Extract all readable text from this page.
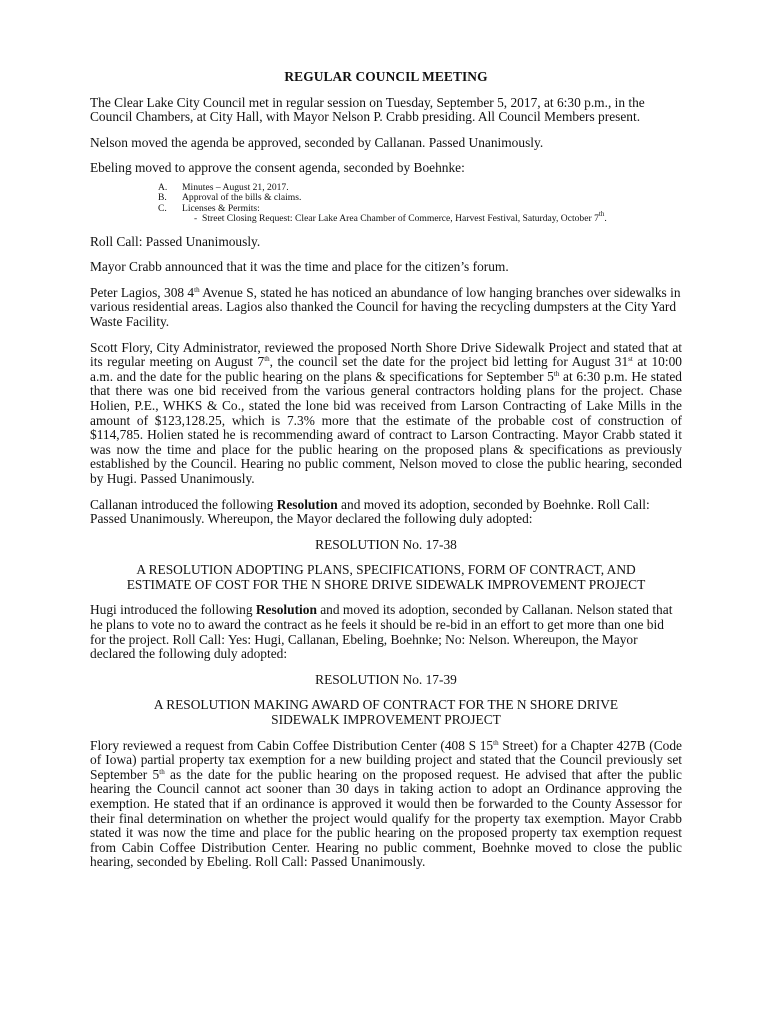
REGULAR COUNCIL MEETING

The Clear Lake City Council met in regular session on Tuesday, September 5, 2017, at 6:30 p.m., in the Council Chambers, at City Hall, with Mayor Nelson P. Crabb presiding. All Council Members present.

Nelson moved the agenda be approved, seconded by Callanan. Passed Unanimously.

Ebeling moved to approve the consent agenda, seconded by Boehnke:

A. Minutes – August 21, 2017.
B. Approval of the bills & claims.
C. Licenses & Permits:
- Street Closing Request: Clear Lake Area Chamber of Commerce, Harvest Festival, Saturday, October 7th.

Roll Call: Passed Unanimously.

Mayor Crabb announced that it was the time and place for the citizen’s forum.

Peter Lagios, 308 4th Avenue S, stated he has noticed an abundance of low hanging branches over sidewalks in various residential areas. Lagios also thanked the Council for having the recycling dumpsters at the City Yard Waste Facility.

Scott Flory, City Administrator, reviewed the proposed North Shore Drive Sidewalk Project and stated that at its regular meeting on August 7th, the council set the date for the project bid letting for August 31st at 10:00 a.m. and the date for the public hearing on the plans & specifications for September 5th at 6:30 p.m. He stated that there was one bid received from the various general contractors holding plans for the project. Chase Holien, P.E., WHKS & Co., stated the lone bid was received from Larson Contracting of Lake Mills in the amount of $123,128.25, which is 7.3% more that the estimate of the probable cost of construction of $114,785. Holien stated he is recommending award of contract to Larson Contracting. Mayor Crabb stated it was now the time and place for the public hearing on the proposed plans & specifications as previously established by the Council. Hearing no public comment, Nelson moved to close the public hearing, seconded by Hugi. Passed Unanimously.

Callanan introduced the following Resolution and moved its adoption, seconded by Boehnke. Roll Call: Passed Unanimously. Whereupon, the Mayor declared the following duly adopted:

RESOLUTION No. 17-38
A RESOLUTION ADOPTING PLANS, SPECIFICATIONS, FORM OF CONTRACT, AND ESTIMATE OF COST FOR THE N SHORE DRIVE SIDEWALK IMPROVEMENT PROJECT

Hugi introduced the following Resolution and moved its adoption, seconded by Callanan. Nelson stated that he plans to vote no to award the contract as he feels it should be re-bid in an effort to get more than one bid for the project. Roll Call: Yes: Hugi, Callanan, Ebeling, Boehnke; No: Nelson. Whereupon, the Mayor declared the following duly adopted:

RESOLUTION No. 17-39
A RESOLUTION MAKING AWARD OF CONTRACT FOR THE N SHORE DRIVE SIDEWALK IMPROVEMENT PROJECT

Flory reviewed a request from Cabin Coffee Distribution Center (408 S 15th Street) for a Chapter 427B (Code of Iowa) partial property tax exemption for a new building project and stated that the Council previously set September 5th as the date for the public hearing on the proposed request. He advised that after the public hearing the Council cannot act sooner than 30 days in taking action to adopt an Ordinance approving the exemption. He stated that if an ordinance is approved it would then be forwarded to the County Assessor for their final determination on whether the project would qualify for the property tax exemption. Mayor Crabb stated it was now the time and place for the public hearing on the proposed property tax exemption request from Cabin Coffee Distribution Center. Hearing no public comment, Boehnke moved to close the public hearing, seconded by Ebeling. Roll Call: Passed Unanimously.
